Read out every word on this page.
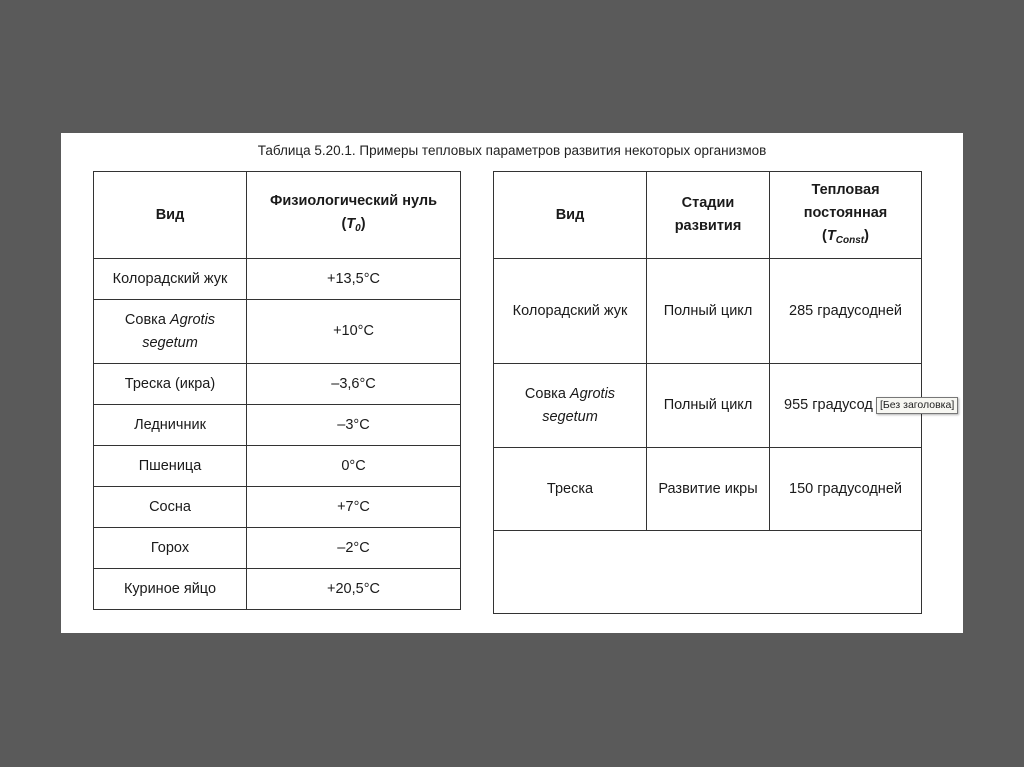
Таблица 5.20.1. Примеры тепловых параметров развития некоторых организмов
Вид	Физиологический нуль
$(T_0)$
Колорадский жук	+13,5°C
Совка Agrotis segetum	+10°C
Треска (икра)	–3,6°C
Ледничник	–3°C
Пшеница	0°C
Сосна	+7°C
Горох	–2°C
Куриное яйцо	+20,5°C
Вид	Стадии развития	Тепловая постоянная
$(T_{Const})$
Колорадский жук	Полный цикл	285 градусодней
Совка Agrotis segetum	Полный цикл	955 градусод
Треска	Развитие икры	150 градусодней

[Без заголовка]
